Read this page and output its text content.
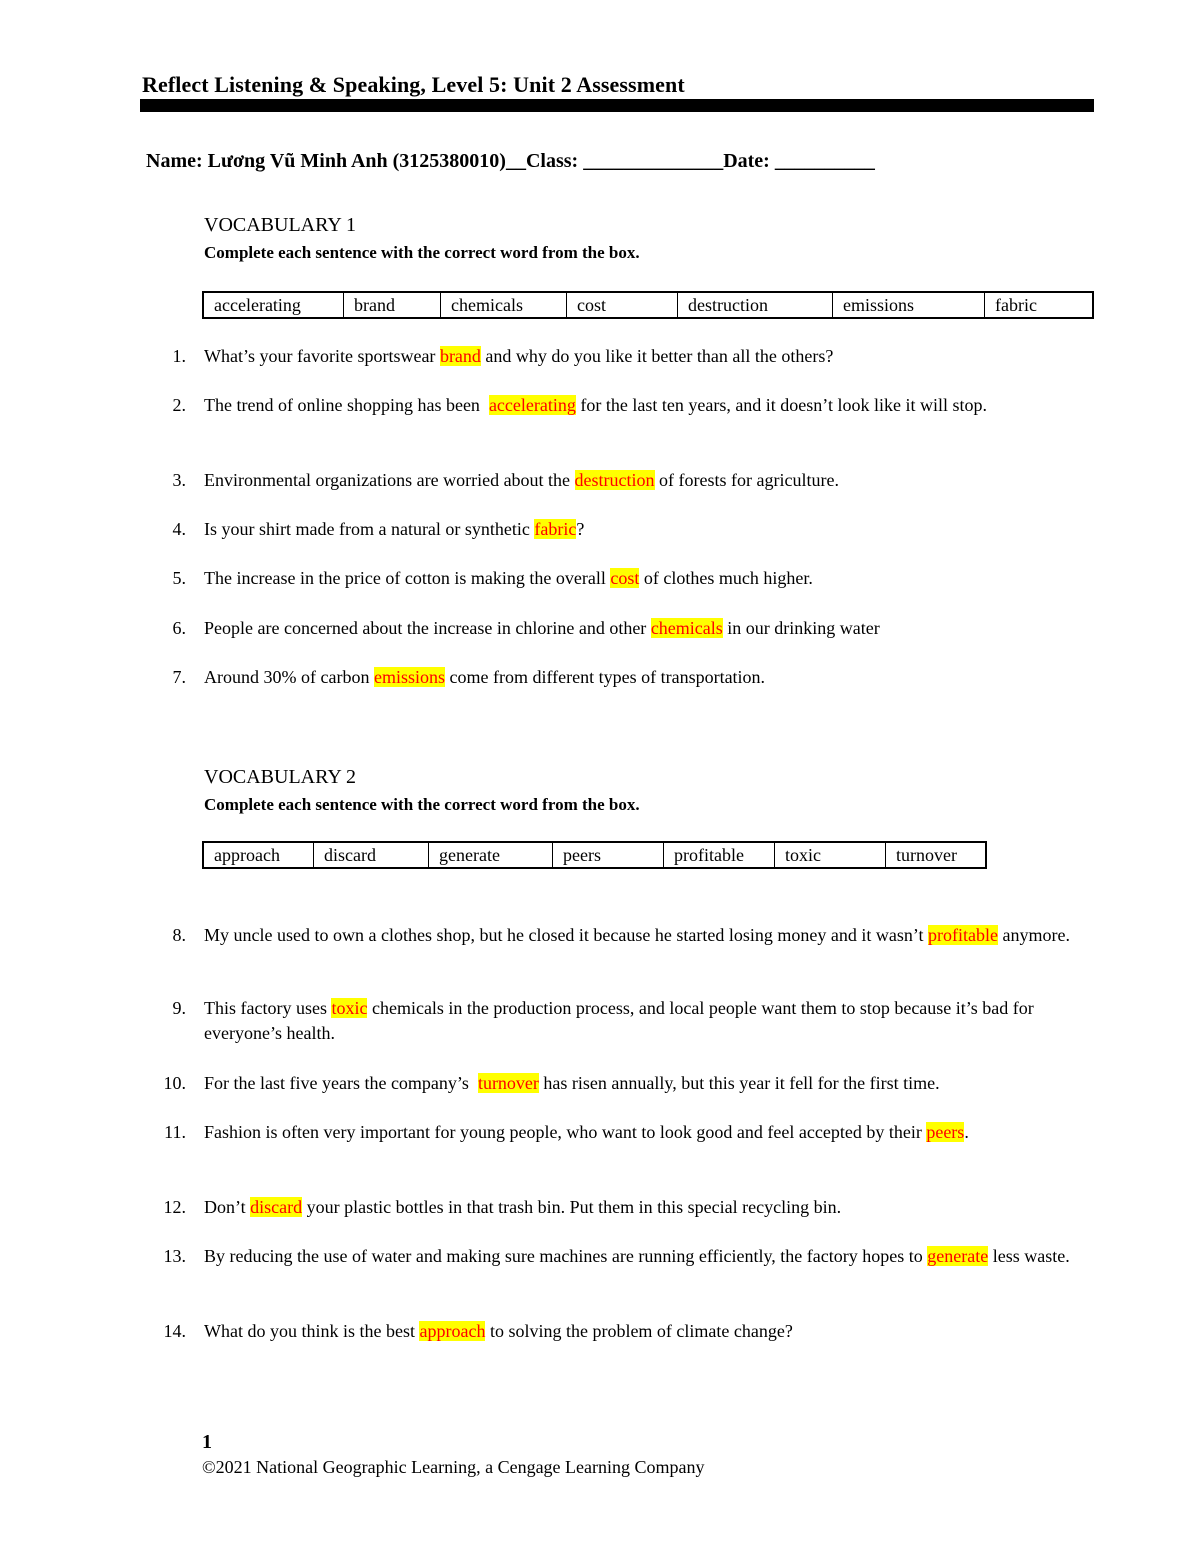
Reflect Listening & Speaking, Level 5: Unit 2 Assessment
Name: Lương Vũ Minh Anh (3125380010)__Class: ______________Date: __________
VOCABULARY 1
Complete each sentence with the correct word from the box.
accelerating	brand	chemicals	cost	destruction	emissions	fabric
1. What’s your favorite sportswear brand and why do you like it better than all the others?
2. The trend of online shopping has been  accelerating for the last ten years, and it doesn’t look like it will stop.
3. Environmental organizations are worried about the destruction of forests for agriculture.
4. Is your shirt made from a natural or synthetic fabric?
5. The increase in the price of cotton is making the overall cost of clothes much higher.
6. People are concerned about the increase in chlorine and other chemicals in our drinking water
7. Around 30% of carbon emissions come from different types of transportation.
VOCABULARY 2
Complete each sentence with the correct word from the box.
approach	discard	generate	peers	profitable	toxic	turnover
8. My uncle used to own a clothes shop, but he closed it because he started losing money and it wasn’t profitable anymore.
9. This factory uses toxic chemicals in the production process, and local people want them to stop because it’s bad for everyone’s health.
10. For the last five years the company’s  turnover has risen annually, but this year it fell for the first time.
11. Fashion is often very important for young people, who want to look good and feel accepted by their peers.
12. Don’t discard your plastic bottles in that trash bin. Put them in this special recycling bin.
13. By reducing the use of water and making sure machines are running efficiently, the factory hopes to generate less waste.
14. What do you think is the best approach to solving the problem of climate change?
1
©2021 National Geographic Learning, a Cengage Learning Company
